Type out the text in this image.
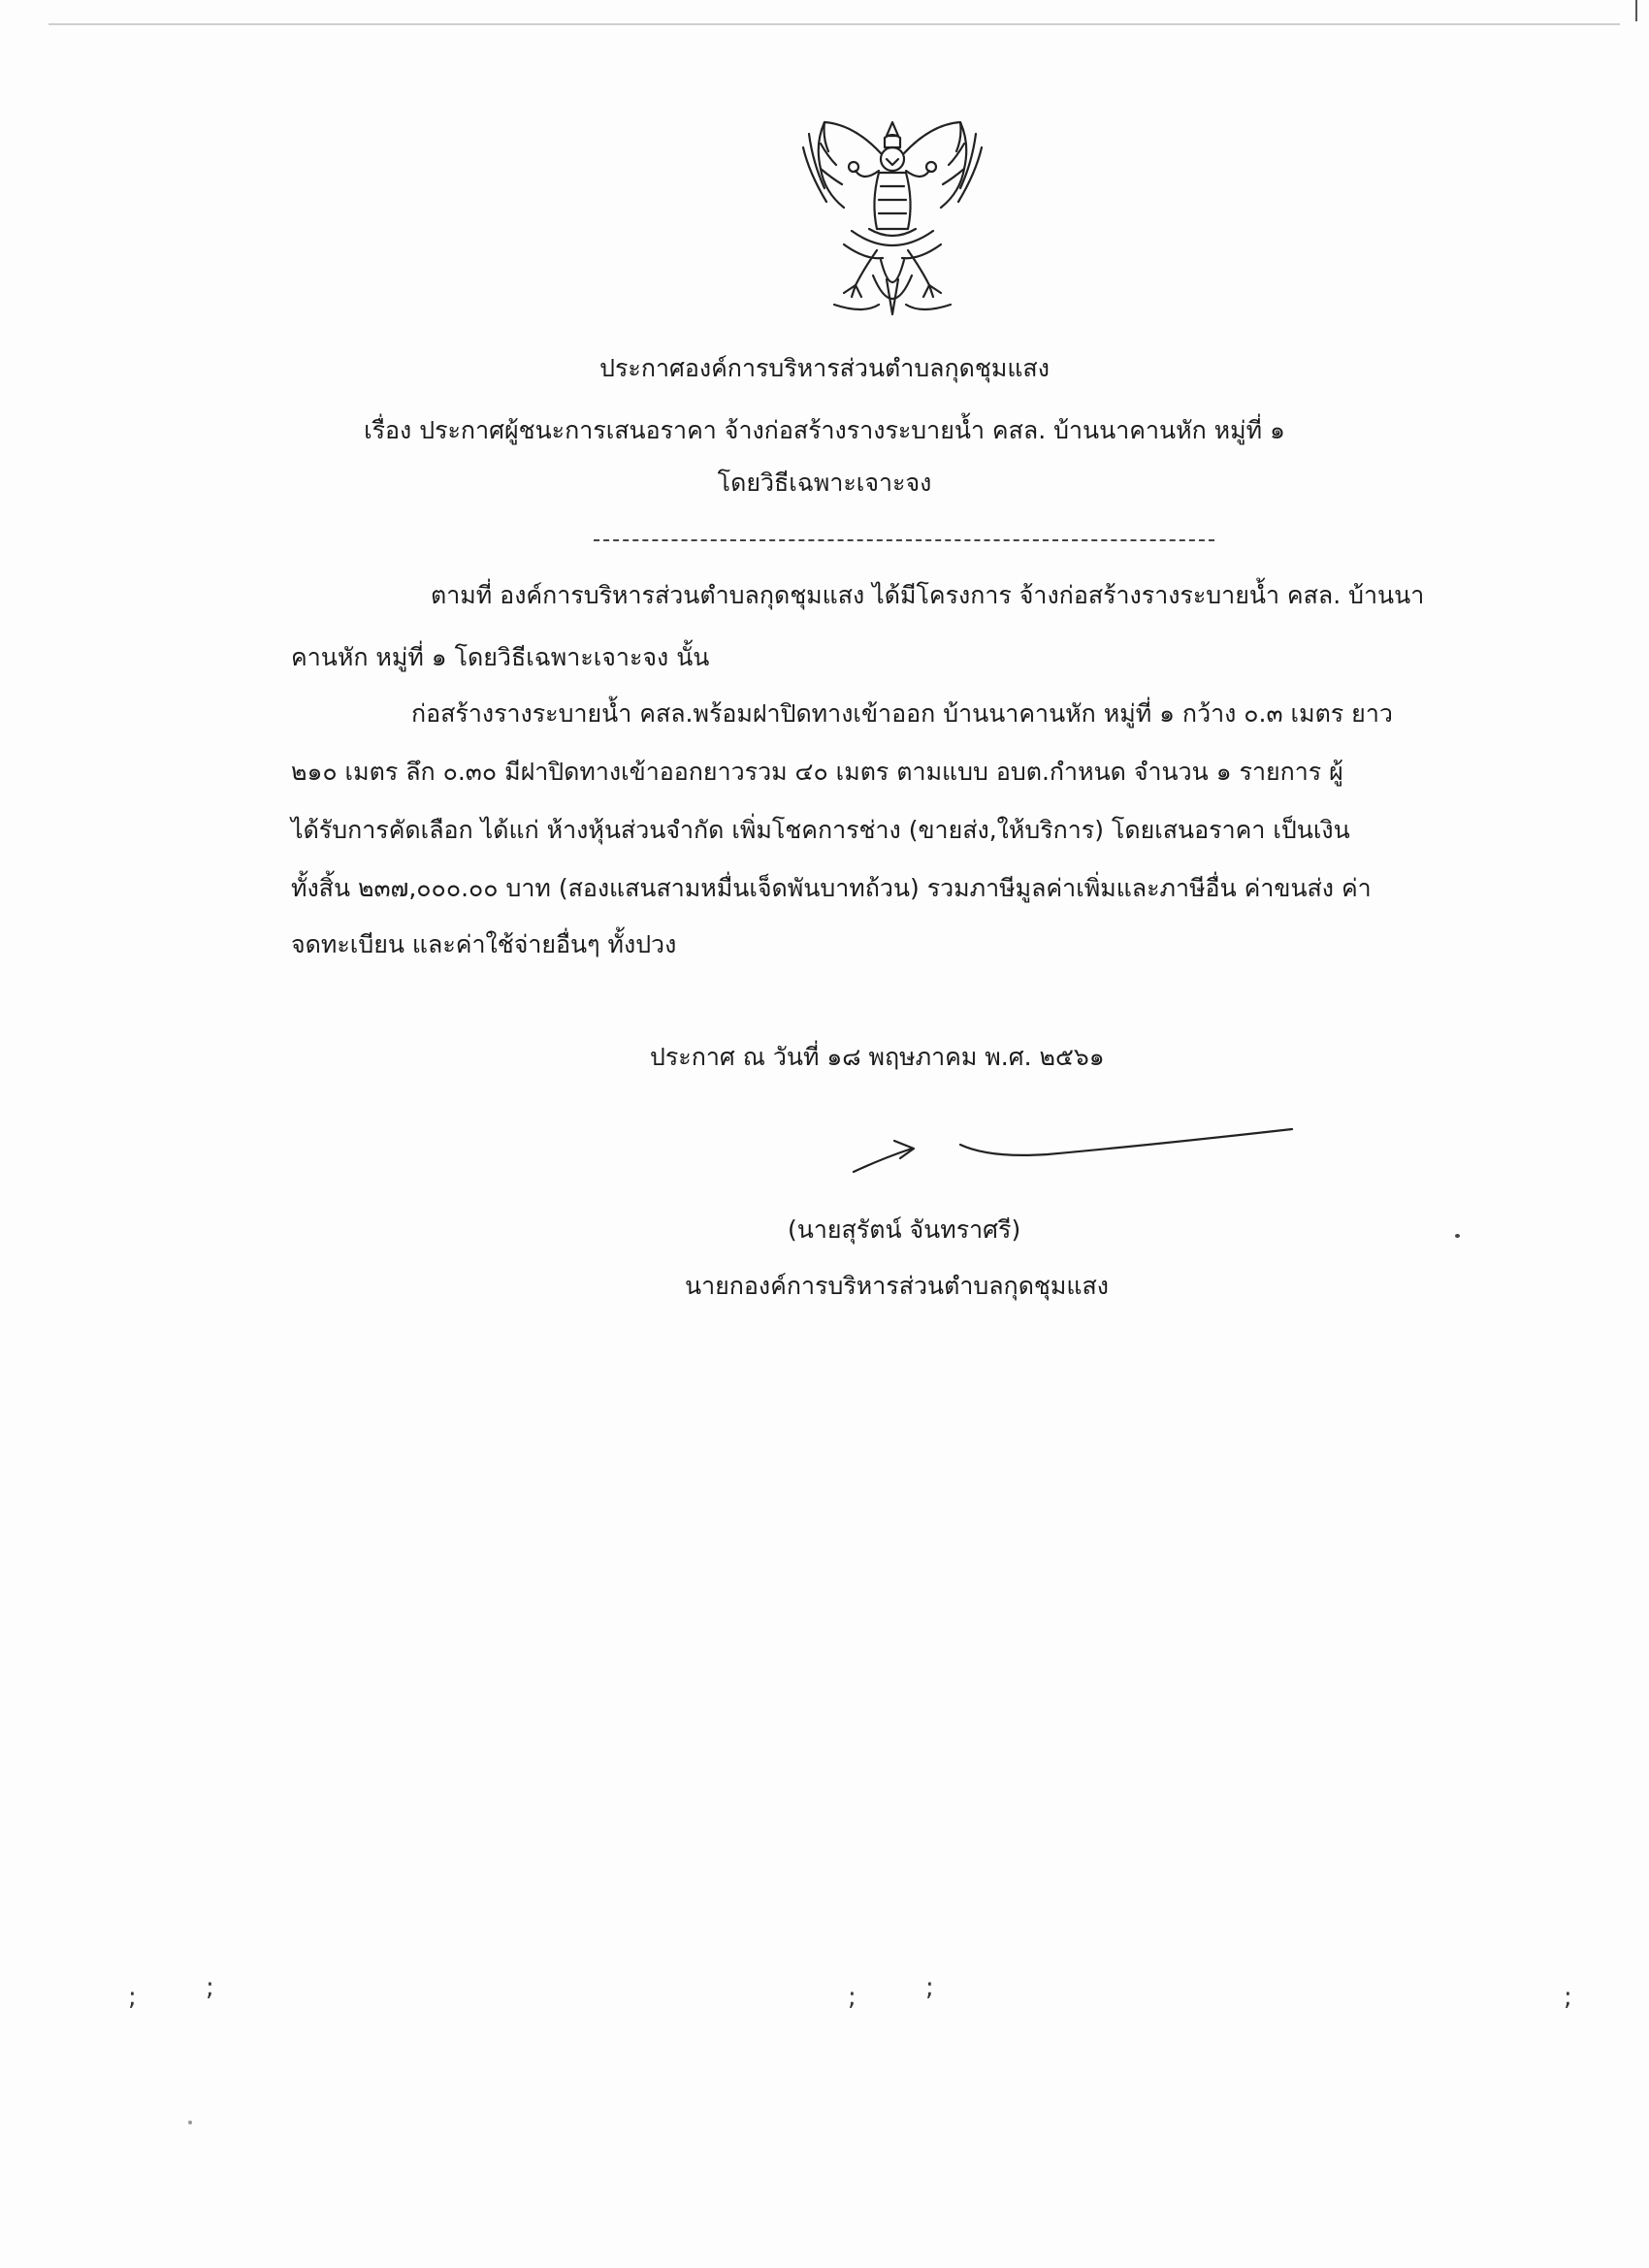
ประกาศองค์การบริหารส่วนตำบลกุดชุมแสง
เรื่อง ประกาศผู้ชนะการเสนอราคา จ้างก่อสร้างรางระบายน้ำ คสล. บ้านนาคานหัก หมู่ที่ ๑
โดยวิธีเฉพาะเจาะจง
ตามที่ องค์การบริหารส่วนตำบลกุดชุมแสง ได้มีโครงการ จ้างก่อสร้างรางระบายน้ำ คสล. บ้านนา
คานหัก หมู่ที่ ๑ โดยวิธีเฉพาะเจาะจง นั้น
ก่อสร้างรางระบายน้ำ คสล.พร้อมฝาปิดทางเข้าออก บ้านนาคานหัก หมู่ที่ ๑ กว้าง ๐.๓ เมตร ยาว
๒๑๐ เมตร ลึก ๐.๓๐ มีฝาปิดทางเข้าออกยาวรวม ๔๐ เมตร ตามแบบ อบต.กำหนด จำนวน ๑ รายการ ผู้
ได้รับการคัดเลือก ได้แก่ ห้างหุ้นส่วนจำกัด เพิ่มโชคการช่าง (ขายส่ง,ให้บริการ) โดยเสนอราคา เป็นเงิน
ทั้งสิ้น ๒๓๗,๐๐๐.๐๐ บาท (สองแสนสามหมื่นเจ็ดพันบาทถ้วน) รวมภาษีมูลค่าเพิ่มและภาษีอื่น ค่าขนส่ง ค่า
จดทะเบียน และค่าใช้จ่ายอื่นๆ ทั้งปวง
ประกาศ ณ วันที่ ๑๘ พฤษภาคม พ.ศ. ๒๕๖๑
(นายสุรัตน์ จันทราศรี)
นายกองค์การบริหารส่วนตำบลกุดชุมแสง
;	;	;	;	;
